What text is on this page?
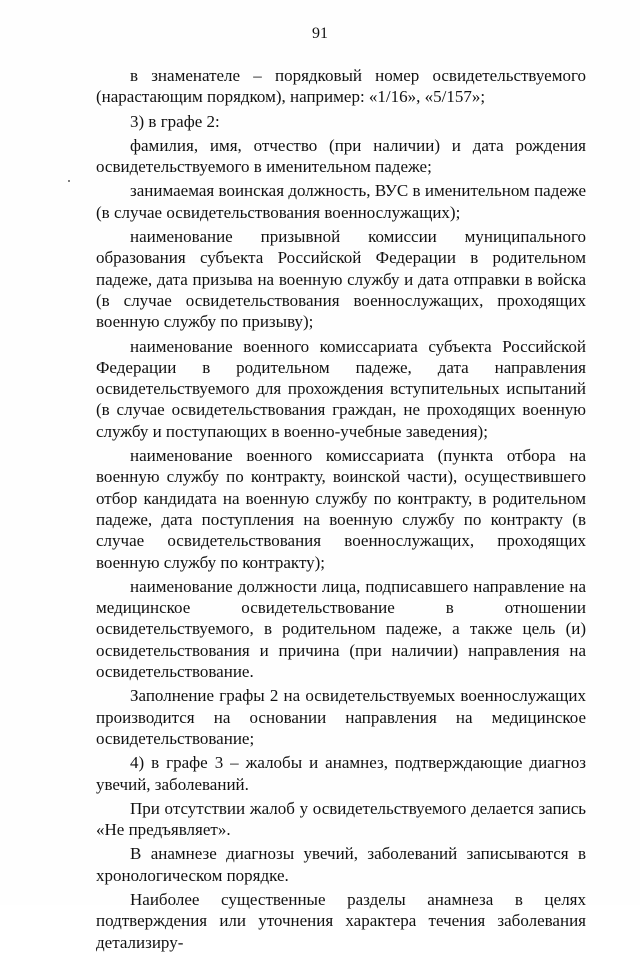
91

в знаменателе – порядковый номер освидетельствуемого (нарастающим порядком), например: «1/16», «5/157»;

3) в графе 2:

фамилия, имя, отчество (при наличии) и дата рождения освидетельствуемого в именительном падеже;

занимаемая воинская должность, ВУС в именительном падеже (в случае освидетельствования военнослужащих);

наименование призывной комиссии муниципального образования субъекта Российской Федерации в родительном падеже, дата призыва на военную службу и дата отправки в войска (в случае освидетельствования военнослужащих, проходящих военную службу по призыву);

наименование военного комиссариата субъекта Российской Федерации в родительном падеже, дата направления освидетельствуемого для прохождения вступительных испытаний (в случае освидетельствования граждан, не проходящих военную службу и поступающих в военно-учебные заведения);

наименование военного комиссариата (пункта отбора на военную службу по контракту, воинской части), осуществившего отбор кандидата на военную службу по контракту, в родительном падеже, дата поступления на военную службу по контракту (в случае освидетельствования военнослужащих, проходящих военную службу по контракту);

наименование должности лица, подписавшего направление на медицинское освидетельствование в отношении освидетельствуемого, в родительном падеже, а также цель (и) освидетельствования и причина (при наличии) направления на освидетельствование.

Заполнение графы 2 на освидетельствуемых военнослужащих производится на основании направления на медицинское освидетельствование;

4) в графе 3 – жалобы и анамнез, подтверждающие диагноз увечий, заболеваний.

При отсутствии жалоб у освидетельствуемого делается запись «Не предъявляет».

В анамнезе диагнозы увечий, заболеваний записываются в хронологическом порядке.

Наиболее существенные разделы анамнеза в целях подтверждения или уточнения характера течения заболевания детализиру-
